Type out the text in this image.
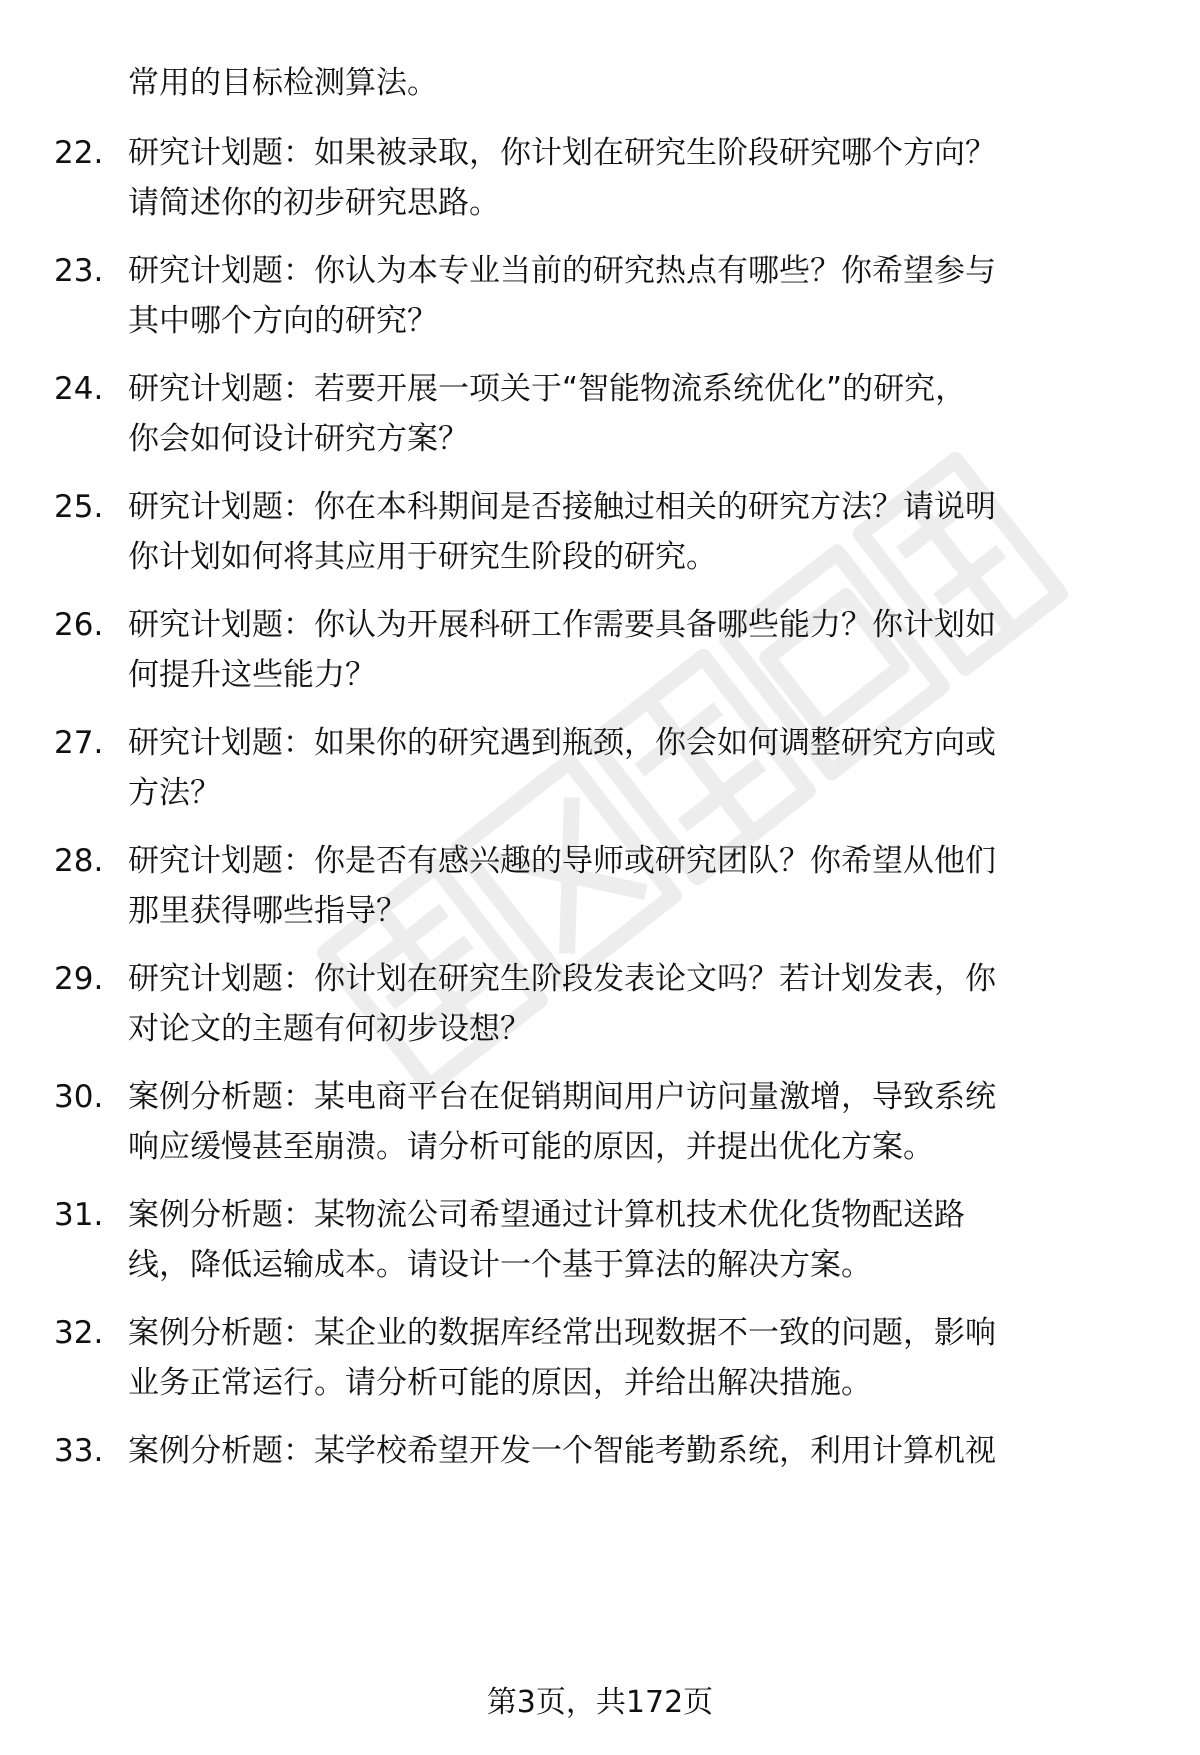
常用的目标检测算法。
22. 研究计划题：如果被录取，你计划在研究生阶段研究哪个方向？
请简述你的初步研究思路。
23. 研究计划题：你认为本专业当前的研究热点有哪些？你希望参与
其中哪个方向的研究？
24. 研究计划题：若要开展一项关于“智能物流系统优化”的研究，
你会如何设计研究方案？
25. 研究计划题：你在本科期间是否接触过相关的研究方法？请说明
你计划如何将其应用于研究生阶段的研究。
26. 研究计划题：你认为开展科研工作需要具备哪些能力？你计划如
何提升这些能力？
27. 研究计划题：如果你的研究遇到瓶颈，你会如何调整研究方向或
方法？
28. 研究计划题：你是否有感兴趣的导师或研究团队？你希望从他们
那里获得哪些指导？
29. 研究计划题：你计划在研究生阶段发表论文吗？若计划发表，你
对论文的主题有何初步设想？
30. 案例分析题：某电商平台在促销期间用户访问量激增，导致系统
响应缓慢甚至崩溃。请分析可能的原因，并提出优化方案。
31. 案例分析题：某物流公司希望通过计算机技术优化货物配送路
线，降低运输成本。请设计一个基于算法的解决方案。
32. 案例分析题：某企业的数据库经常出现数据不一致的问题，影响
业务正常运行。请分析可能的原因，并给出解决措施。
33. 案例分析题：某学校希望开发一个智能考勤系统，利用计算机视
第3页，共172页
